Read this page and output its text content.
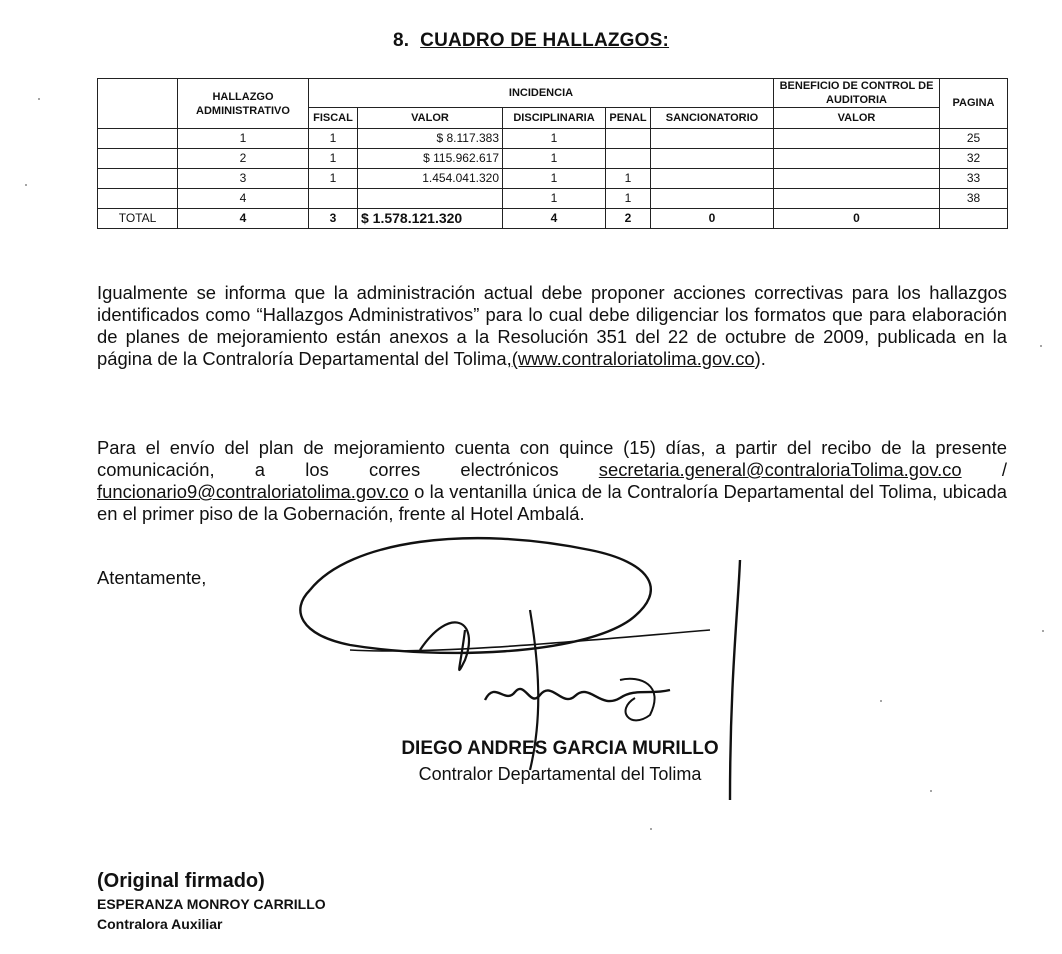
8. CUADRO DE HALLAZGOS:
	HALLAZGO ADMINISTRATIVO	INCIDENCIA					BENEFICIO DE CONTROL DE AUDITORIA	PAGINA
		FISCAL	VALOR	DISCIPLINARIA	PENAL	SANCIONATORIO	VALOR	
	1	1	$ 8.117.383	1				25
	2	1	$ 115.962.617	1				32
	3	1	1.454.041.320	1	1			33
	4			1	1			38
TOTAL	4	3	$ 1.578.121.320	4	2	0	0	

Igualmente se informa que la administración actual debe proponer acciones correctivas para los hallazgos identificados como “Hallazgos Administrativos” para lo cual debe diligenciar los formatos que para elaboración de planes de mejoramiento están anexos a la Resolución 351 del 22 de octubre de 2009, publicada en la página de la Contraloría Departamental del Tolima,(www.contraloriatolima.gov.co).

Para el envío del plan de mejoramiento cuenta con quince (15) días, a partir del recibo de la presente comunicación, a los corres electrónicos secretaria.general@contraloriaTolima.gov.co / funcionario9@contraloriatolima.gov.co o la ventanilla única de la Contraloría Departamental del Tolima, ubicada en el primer piso de la Gobernación, frente al Hotel Ambalá.

Atentamente,
DIEGO ANDRES GARCIA MURILLO
Contralor Departamental del Tolima
(Original firmado)
ESPERANZA MONROY CARRILLO
Contralora Auxiliar
